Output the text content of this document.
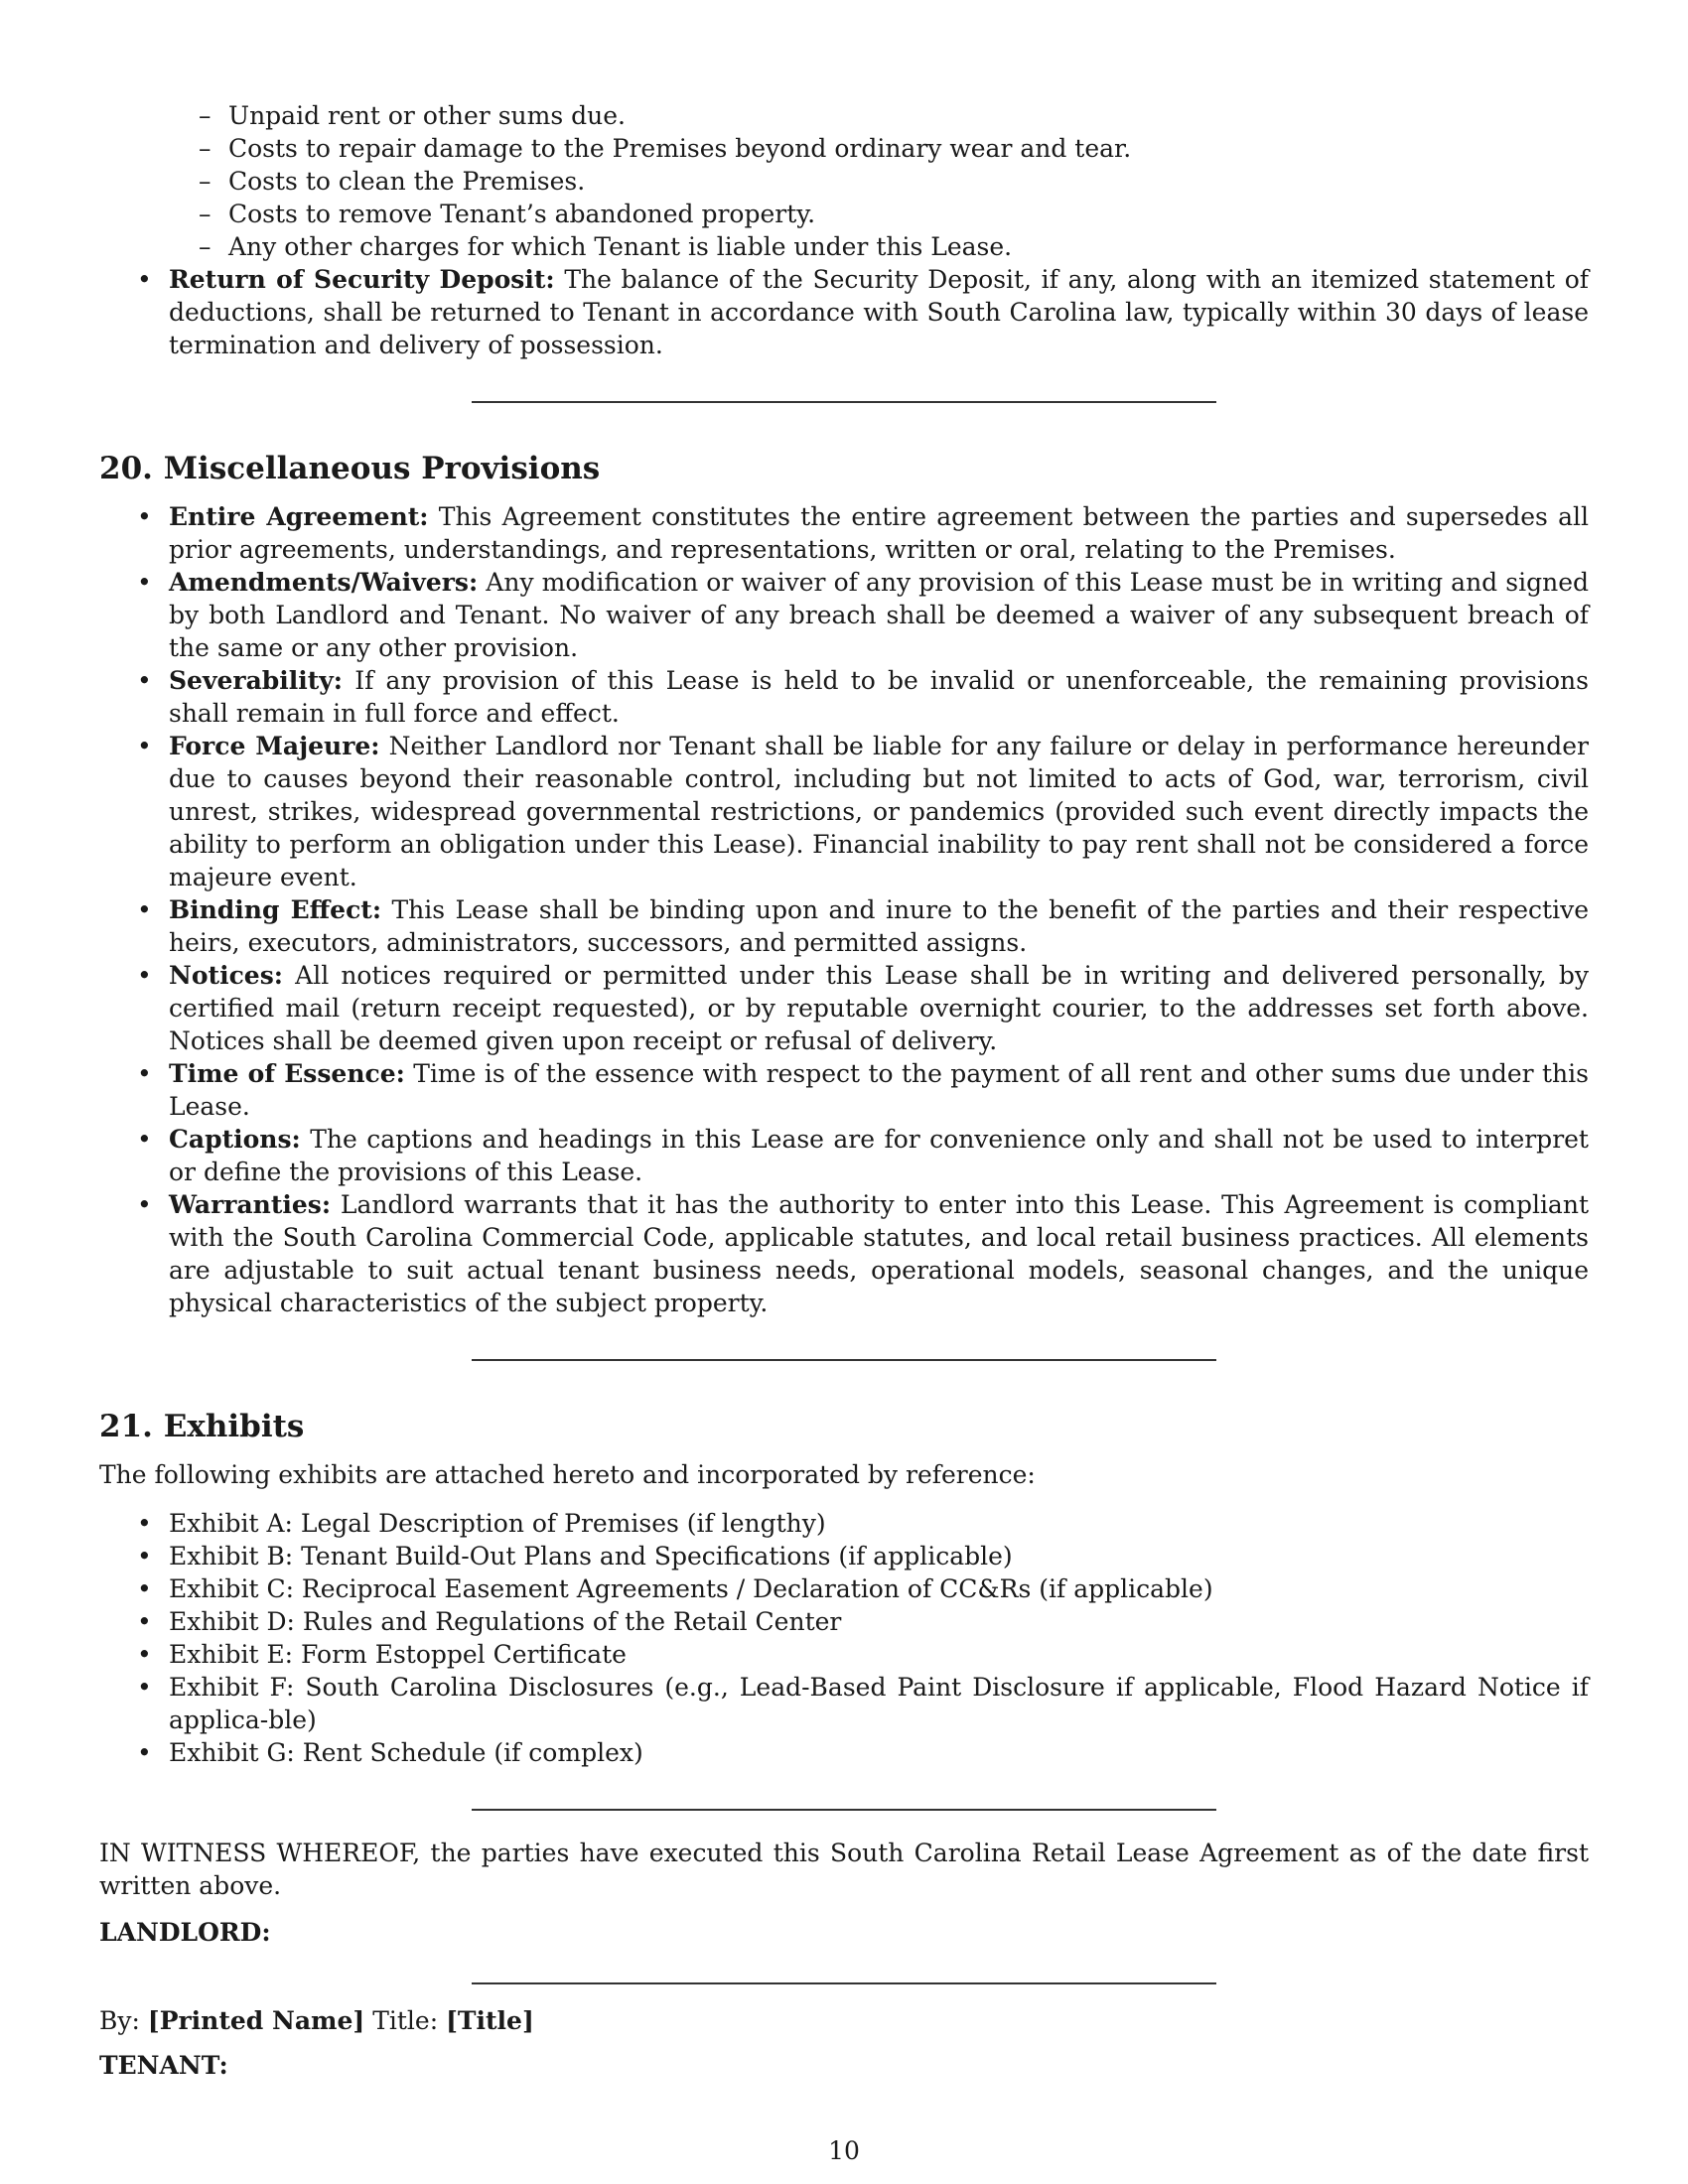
– Unpaid rent or other sums due.
– Costs to repair damage to the Premises beyond ordinary wear and tear.
– Costs to clean the Premises.
– Costs to remove Tenant’s abandoned property.
– Any other charges for which Tenant is liable under this Lease.
• Return of Security Deposit: The balance of the Security Deposit, if any, along with an itemized statement of deductions, shall be returned to Tenant in accordance with South Carolina law, typically within 30 days of lease termination and delivery of possession.
20. Miscellaneous Provisions
• Entire Agreement: This Agreement constitutes the entire agreement between the parties and supersedes all prior agreements, understandings, and representations, written or oral, relating to the Premises.
• Amendments/Waivers: Any modification or waiver of any provision of this Lease must be in writing and signed by both Landlord and Tenant. No waiver of any breach shall be deemed a waiver of any subsequent breach of the same or any other provision.
• Severability: If any provision of this Lease is held to be invalid or unenforceable, the remaining provisions shall remain in full force and effect.
• Force Majeure: Neither Landlord nor Tenant shall be liable for any failure or delay in performance hereunder due to causes beyond their reasonable control, including but not limited to acts of God, war, terrorism, civil unrest, strikes, widespread governmental restrictions, or pandemics (provided such event directly impacts the ability to perform an obligation under this Lease). Financial inability to pay rent shall not be considered a force majeure event.
• Binding Effect: This Lease shall be binding upon and inure to the benefit of the parties and their respective heirs, executors, administrators, successors, and permitted assigns.
• Notices: All notices required or permitted under this Lease shall be in writing and delivered personally, by certified mail (return receipt requested), or by reputable overnight courier, to the addresses set forth above. Notices shall be deemed given upon receipt or refusal of delivery.
• Time of Essence: Time is of the essence with respect to the payment of all rent and other sums due under this Lease.
• Captions: The captions and headings in this Lease are for convenience only and shall not be used to interpret or define the provisions of this Lease.
• Warranties: Landlord warrants that it has the authority to enter into this Lease. This Agreement is compliant with the South Carolina Commercial Code, applicable statutes, and local retail business practices. All elements are adjustable to suit actual tenant business needs, operational models, seasonal changes, and the unique physical characteristics of the subject property.
21. Exhibits

The following exhibits are attached hereto and incorporated by reference:

• Exhibit A: Legal Description of Premises (if lengthy)
• Exhibit B: Tenant Build-Out Plans and Specifications (if applicable)
• Exhibit C: Reciprocal Easement Agreements / Declaration of CC&Rs (if applicable)
• Exhibit D: Rules and Regulations of the Retail Center
• Exhibit E: Form Estoppel Certificate
• Exhibit F: South Carolina Disclosures (e.g., Lead-Based Paint Disclosure if applicable, Flood Hazard Notice if applica-ble)
• Exhibit G: Rent Schedule (if complex)

IN WITNESS WHEREOF, the parties have executed this South Carolina Retail Lease Agreement as of the date first written above.

LANDLORD:

By: [Printed Name] Title: [Title]

TENANT:

10
